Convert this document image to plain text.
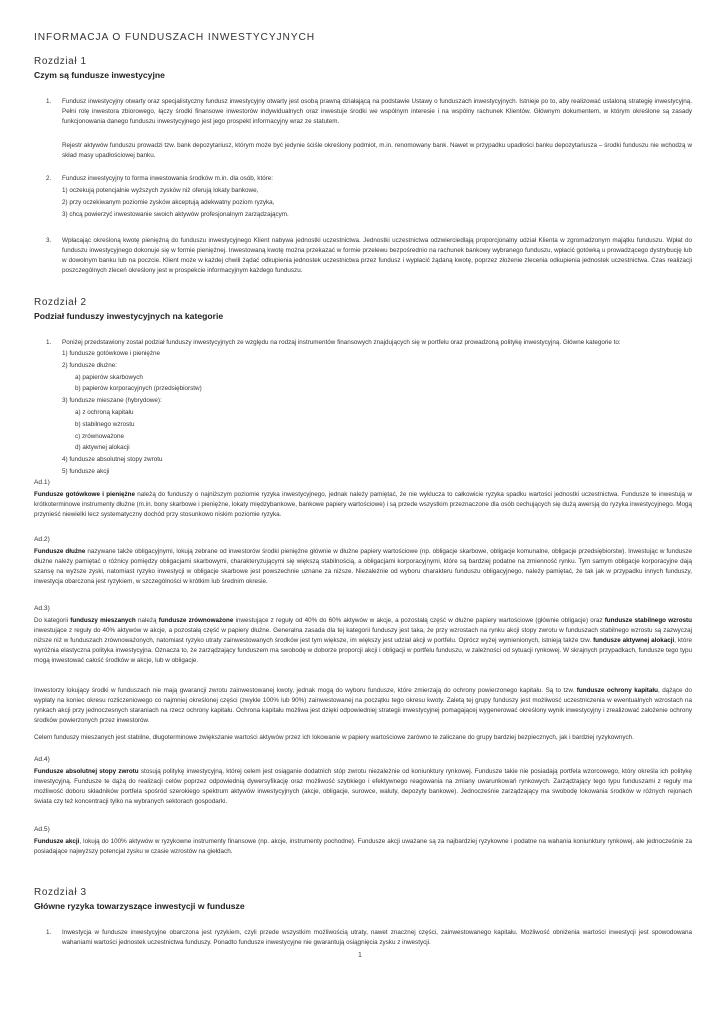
INFORMACJA O FUNDUSZACH INWESTYCYJNYCH
Rozdział 1
Czym są fundusze inwestycyjne
1. Fundusz inwestycyjny otwarty oraz specjalistyczny fundusz inwestycyjny otwarty jest osobą prawną działającą na podstawie Ustawy o funduszach inwestycyjnych. Istnieje po to, aby realizować ustaloną strategię inwestycyjną. Pełni rolę inwestora zbiorowego, łączy środki finansowe inwestorów indywidualnych oraz inwestuje środki we wspólnym interesie i na wspólny rachunek Klientów. Głównym dokumentem, w którym określone są zasady funkcjonowania danego funduszu inwestycyjnego jest jego prospekt informacyjny wraz ze statutem.

Rejestr aktywów funduszu prowadzi tzw. bank depozytariusz, którym może być jedynie ściśle określony podmiot, m.in. renomowany bank. Nawet w przypadku upadłości banku depozytariusza – środki funduszu nie wchodzą w skład masy upadłościowej banku.

2. Fundusz inwestycyjny to forma inwestowania środków m.in. dla osób, które:
1) oczekują potencjalnie wyższych zysków niż oferują lokaty bankowe,
2) przy oczekiwanym poziomie zysków akceptują adekwatny poziom ryzyka,
3) chcą powierzyć inwestowanie swoich aktywów profesjonalnym zarządzającym.
3. Wpłacając określoną kwotę pieniężną do funduszu inwestycyjnego Klient nabywa jednostki uczestnictwa. Jednostki uczestnictwa odzwierciedlają proporcjonalny udział Klienta w zgromadzonym majątku funduszu. Wpłat do funduszu inwestycyjnego dokonuje się w formie pieniężnej. Inwestowaną kwotę można przekazać w formie przelewu bezpośrednio na rachunek bankowy wybranego funduszu, wpłacić gotówką u prowadzącego dystrybucję lub w dowolnym banku lub na poczcie. Klient może w każdej chwili żądać odkupienia jednostek uczestnictwa przez fundusz i wypłacić żądaną kwotę, poprzez złożenie zlecenia odkupienia jednostek uczestnictwa. Czas realizacji poszczególnych zleceń określony jest w prospekcie informacyjnym każdego funduszu.

Rozdział 2
Podział funduszy inwestycyjnych na kategorie
1. Poniżej przedstawiony został podział funduszy inwestycyjnych ze względu na rodzaj instrumentów finansowych znajdujących się w portfelu oraz prowadzoną politykę inwestycyjną. Główne kategorie to:
1) fundusze gotówkowe i pieniężne
2) fundusze dłużne:
a) papierów skarbowych
b) papierów korporacyjnych (przedsiębiorstw)
3) fundusze mieszane (hybrydowe):
a) z ochroną kapitału
b) stabilnego wzrostu
c) zrównoważone
d) aktywnej alokacji
4) fundusze absolutnej stopy zwrotu
5) fundusze akcji
Ad.1)

Fundusze gotówkowe i pieniężne należą do funduszy o najniższym poziomie ryzyka inwestycyjnego, jednak należy pamiętać, że nie wyklucza to całkowicie ryzyka spadku wartości jednostki uczestnictwa. Fundusze te inwestują w krótkoterminowe instrumenty dłużne (m.in. bony skarbowe i pieniężne, lokaty międzybankowe, bankowe papiery wartościowe) i są przede wszystkim przeznaczone dla osób cechujących się dużą awersją do ryzyka inwestycyjnego. Mogą przynieść niewielki lecz systematyczny dochód przy stosunkowo niskim poziomie ryzyka.

Ad.2)

Fundusze dłużne nazywane także obligacyjnymi, lokują zebrane od inwestorów środki pieniężne głównie w dłużne papiery wartościowe (np. obligacje skarbowe, obligacje komunalne, obligacje przedsiębiorstw). Inwestując w fundusze dłużne należy pamiętać o różnicy pomiędzy obligacjami skarbowymi, charakteryzującymi się większą stabilnością, a obligacjami korporacyjnymi, które są bardziej podatne na zmienność rynku. Tym samym obligacje korporacyjne dają szansę na wyższe zyski, natomiast ryzyko inwestycji w obligacje skarbowe jest powszechnie uznane za niższe. Niezależnie od wyboru charakteru funduszu obligacyjnego, należy pamiętać, że tak jak w przypadku innych funduszy, inwestycja obarczona jest ryzykiem, w szczególności w krótkim lub średnim okresie.

Ad.3)

Do kategorii funduszy mieszanych należą fundusze zrównoważone inwestujące z reguły od 40% do 60% aktywów w akcje, a pozostałą część w dłużne papiery wartościowe (głównie obligacje) oraz fundusze stabilnego wzrostu inwestujące z reguły do 40% aktywów w akcje, a pozostałą część w papiery dłużne. Generalna zasada dla tej kategorii funduszy jest taka, że przy wzrostach na rynku akcji stopy zwrotu w funduszach stabilnego wzrostu są zazwyczaj niższe niż w funduszach zrównoważonych, natomiast ryzyko utraty zainwestowanych środków jest tym większe, im większy jest udział akcji w portfelu. Oprócz wyżej wymienionych, istnieją także tzw. fundusze aktywnej alokacji, które wyróżnia elastyczna polityka inwestycyjna. Oznacza to, że zarządzający funduszem ma swobodę w doborze proporcji akcji i obligacji w portfelu funduszu, w zależności od sytuacji rynkowej. W skrajnych przypadkach, fundusze tego typu mogą inwestować całość środków w akcje, lub w obligacje.

Inwestorzy lokujący środki w funduszach nie mają gwarancji zwrotu zainwestowanej kwoty, jednak mogą do wyboru fundusze, które zmierzają do ochrony powierzonego kapitału. Są to tzw. fundusze ochrony kapitału, dążące do wypłaty na koniec okresu rozliczeniowego co najmniej określonej części (zwykle 100% lub 90%) zainwestowanej na początku tego okresu kwoty. Zaletą tej grupy funduszy jest możliwość uczestniczenia w ewentualnych wzrostach na rynkach akcji przy jednoczesnych staraniach na rzecz ochrony kapitału. Ochrona kapitału możliwa jest dzięki odpowiedniej strategii inwestycyjnej pomagającej wygenerować określony wynik inwestycyjny i zrealizować założenie ochrony środków powierzonych przez inwestorów.

Celem funduszy mieszanych jest stabilne, długoterminowe zwiększanie wartości aktywów przez ich lokowanie w papiery wartościowe zarówno te zaliczane do grupy bardziej bezpiecznych, jak i bardziej ryzykownych.

Ad.4)

Fundusze absolutnej stopy zwrotu stosują politykę inwestycyjną, której celem jest osiąganie dodatnich stóp zwrotu niezależnie od koniunktury rynkowej. Fundusze takie nie posiadają portfela wzorcowego, który określa ich politykę inwestycyjną. Fundusze te dążą do realizacji celów poprzez odpowiednią dywersyfikację oraz możliwość szybkiego i efektywnego reagowania na zmiany uwarunkowań rynkowych. Zarządzający tego typu funduszami z reguły ma możliwość doboru składników portfela spośród szerokiego spektrum aktywów inwestycyjnych (akcje, obligacje, surowce, waluty, depozyty bankowe). Jednocześnie zarządzający ma swobodę lokowania środków w różnych rejonach świata czy też koncentracji tylko na wybranych sektorach gospodarki.

Ad.5)

Fundusze akcji, lokują do 100% aktywów w ryzykowne instrumenty finansowe (np. akcje, instrumenty pochodne). Fundusze akcji uważane są za najbardziej ryzykowne i podatne na wahania koniunktury rynkowej, ale jednocześnie za posiadające najwyższy potencjał zysku w czasie wzrostów na giełdach.

Rozdział 3
Główne ryzyka towarzyszące inwestycji w fundusze
1. Inwestycja w fundusze inwestycyjne obarczona jest ryzykiem, czyli przede wszystkim możliwością utraty, nawet znacznej części, zainwestowanego kapitału. Możliwość obniżenia wartości inwestycji jest spowodowana wahaniami wartości jednostek uczestnictwa funduszy. Ponadto fundusze inwestycyjne nie gwarantują osiągnięcia zysku z inwestycji.

1
